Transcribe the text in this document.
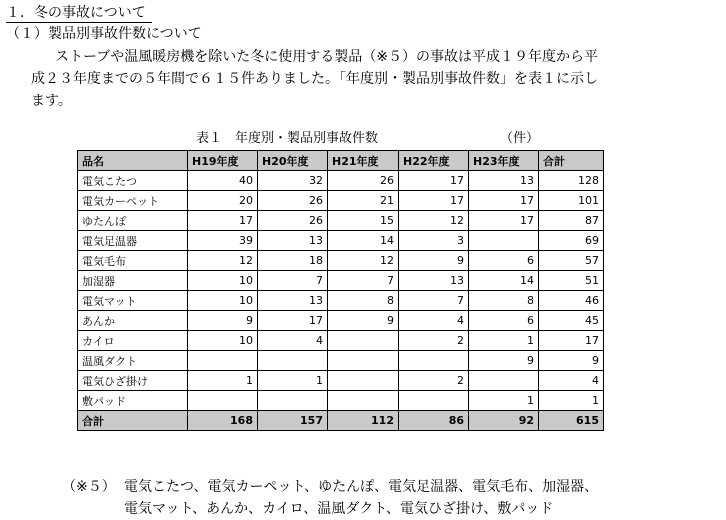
１．冬の事故について
（１）製品別事故件数について
ストーブや温風暖房機を除いた冬に使用する製品（※５）の事故は平成１９年度から平
成２３年度までの５年間で６１５件ありました。「年度別・製品別事故件数」を表１に示し
ます。
表１　年度別・製品別事故件数	（件）
品名	H19年度	H20年度	H21年度	H22年度	H23年度	合計
電気こたつ	40	32	26	17	13	128
電気カーペット	20	26	21	17	17	101
ゆたんぽ	17	26	15	12	17	87
電気足温器	39	13	14	3		69
電気毛布	12	18	12	9	6	57
加湿器	10	7	7	13	14	51
電気マット	10	13	8	7	8	46
あんか	9	17	9	4	6	45
カイロ	10	4		2	1	17
温風ダクト					9	9
電気ひざ掛け	1	1		2		4
敷パッド					1	1
合計	168	157	112	86	92	615
（※５） 電気こたつ、電気カーペット、ゆたんぽ、電気足温器、電気毛布、加湿器、
電気マット、あんか、カイロ、温風ダクト、電気ひざ掛け、敷パッド
